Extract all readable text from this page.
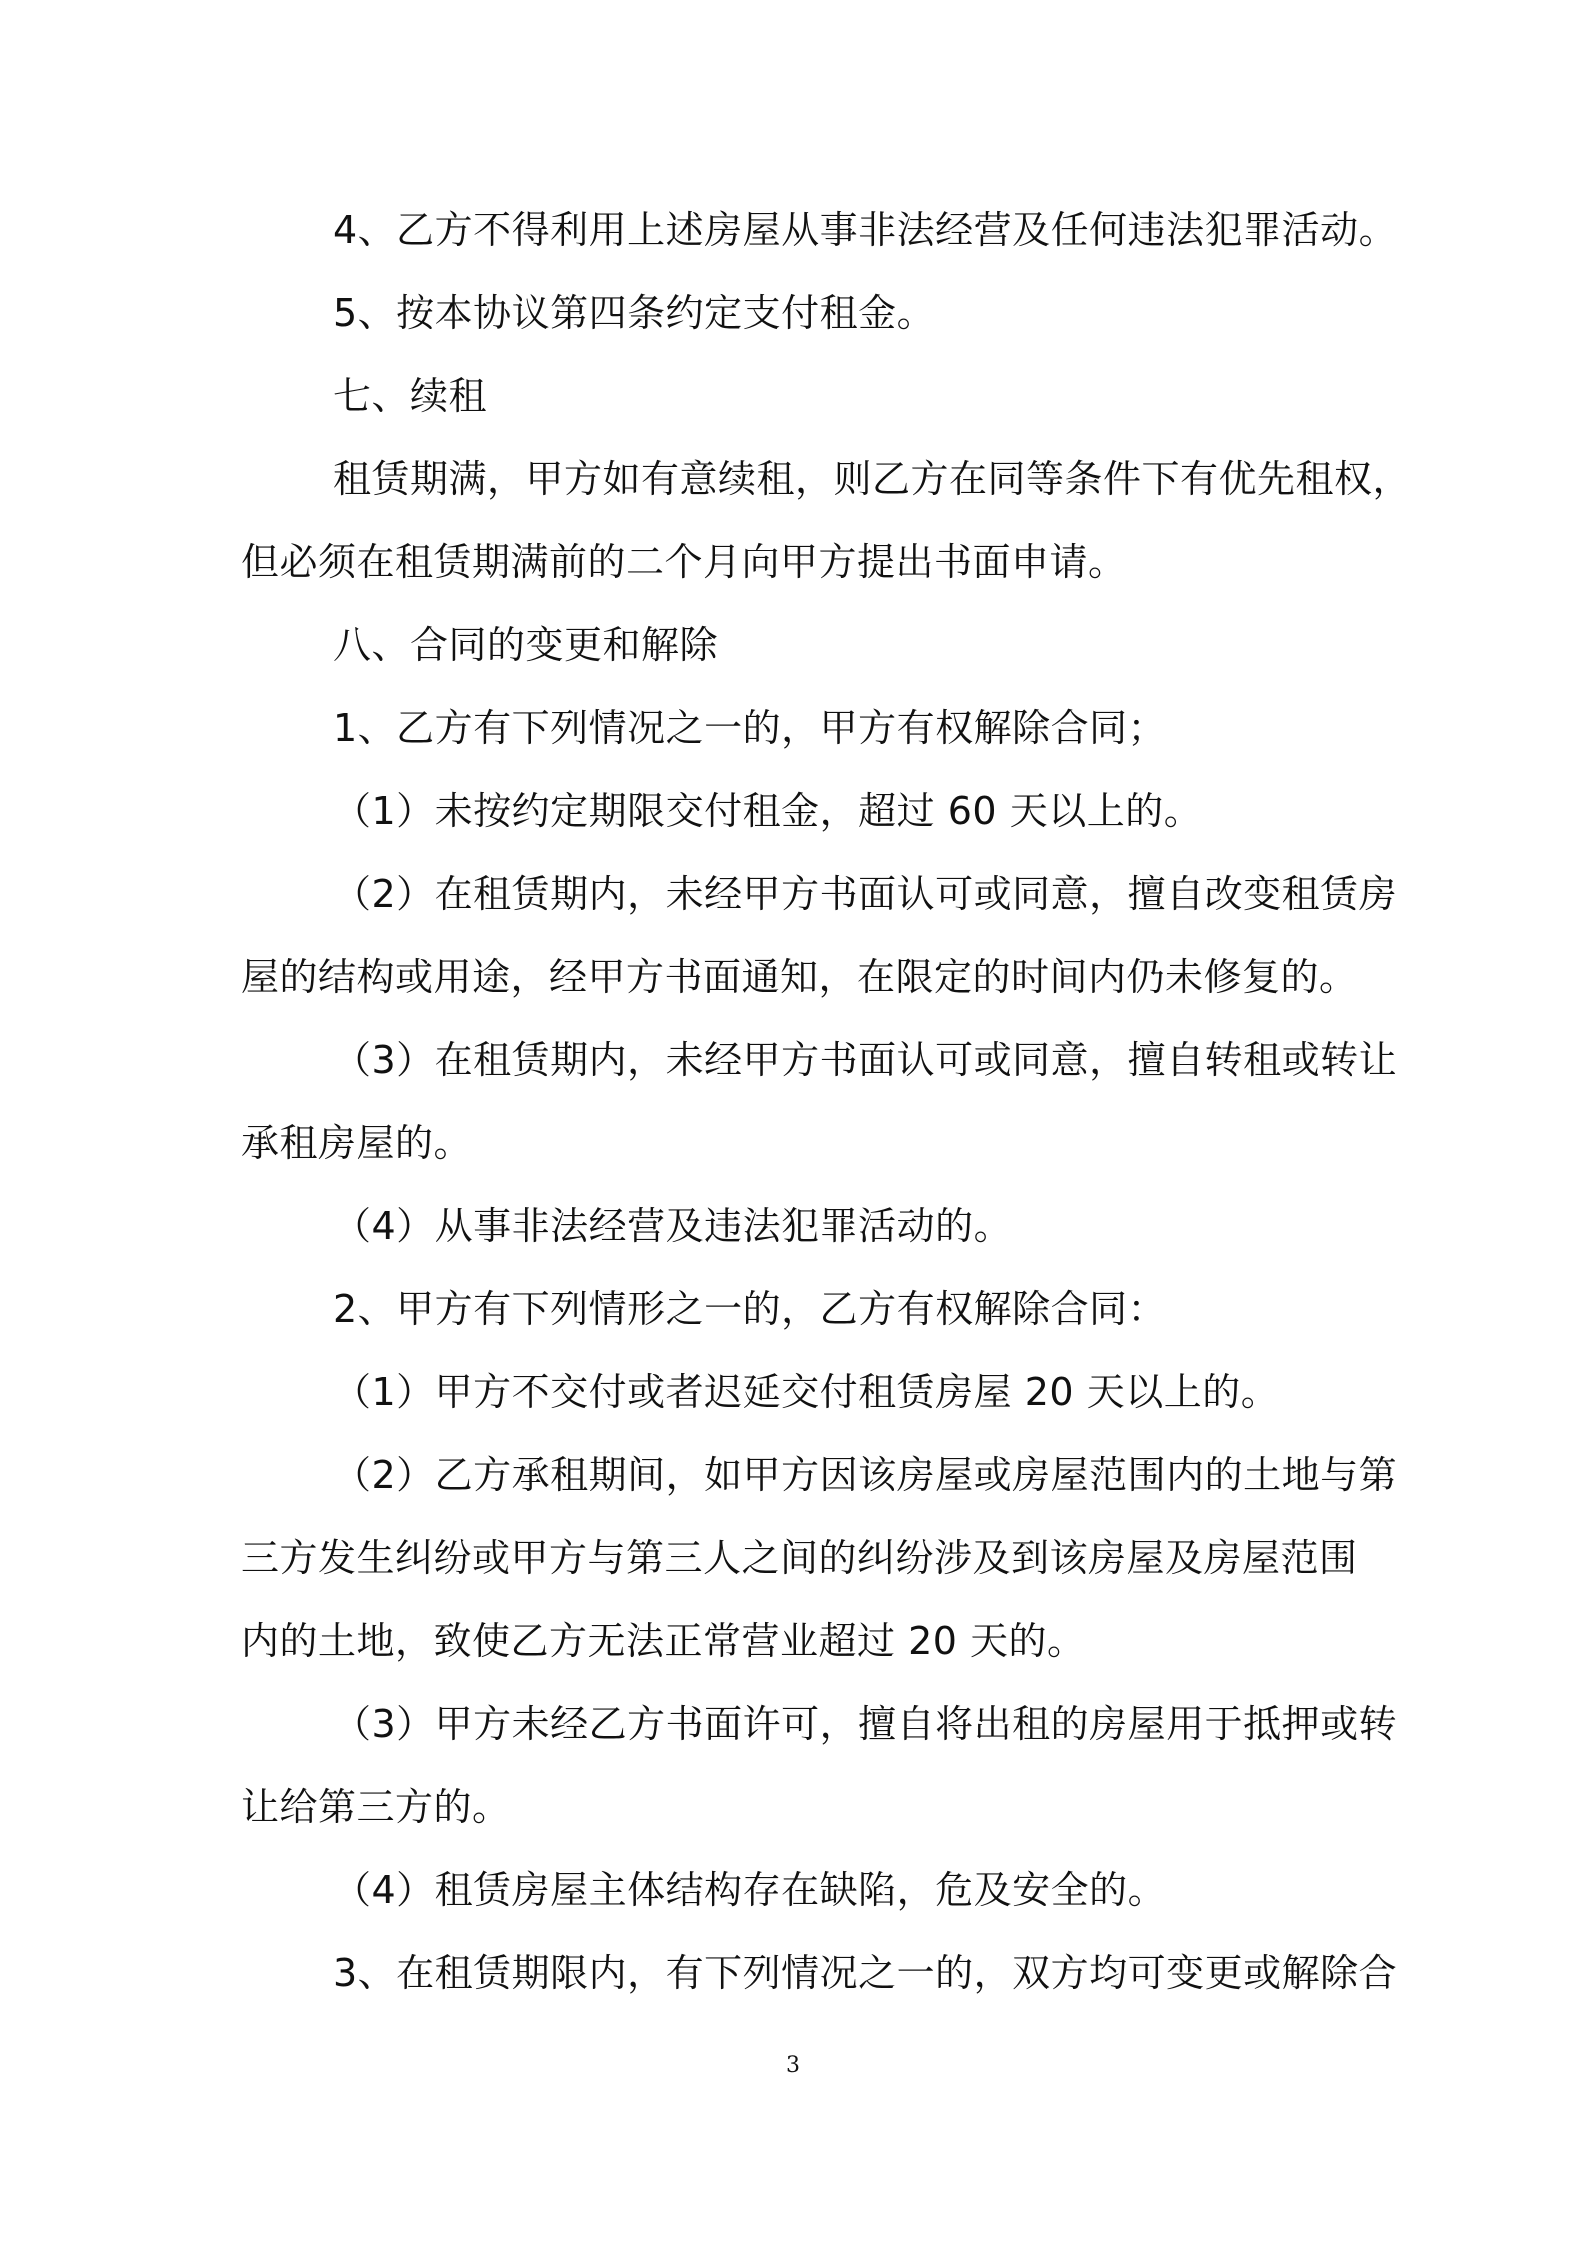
4、乙方不得利用上述房屋从事非法经营及任何违法犯罪活动。
5、按本协议第四条约定支付租金。
七、续租
租赁期满，甲方如有意续租，则乙方在同等条件下有优先租权，
但必须在租赁期满前的二个月向甲方提出书面申请。
八、合同的变更和解除
1、乙方有下列情况之一的，甲方有权解除合同；
（1）未按约定期限交付租金，超过 60 天以上的。
（2）在租赁期内，未经甲方书面认可或同意，擅自改变租赁房
屋的结构或用途，经甲方书面通知，在限定的时间内仍未修复的。
（3）在租赁期内，未经甲方书面认可或同意，擅自转租或转让
承租房屋的。
（4）从事非法经营及违法犯罪活动的。
2、甲方有下列情形之一的，乙方有权解除合同：
（1）甲方不交付或者迟延交付租赁房屋 20 天以上的。
（2）乙方承租期间，如甲方因该房屋或房屋范围内的土地与第
三方发生纠纷或甲方与第三人之间的纠纷涉及到该房屋及房屋范围
内的土地，致使乙方无法正常营业超过 20 天的。
（3）甲方未经乙方书面许可，擅自将出租的房屋用于抵押或转
让给第三方的。
（4）租赁房屋主体结构存在缺陷，危及安全的。
3、在租赁期限内，有下列情况之一的，双方均可变更或解除合
3
